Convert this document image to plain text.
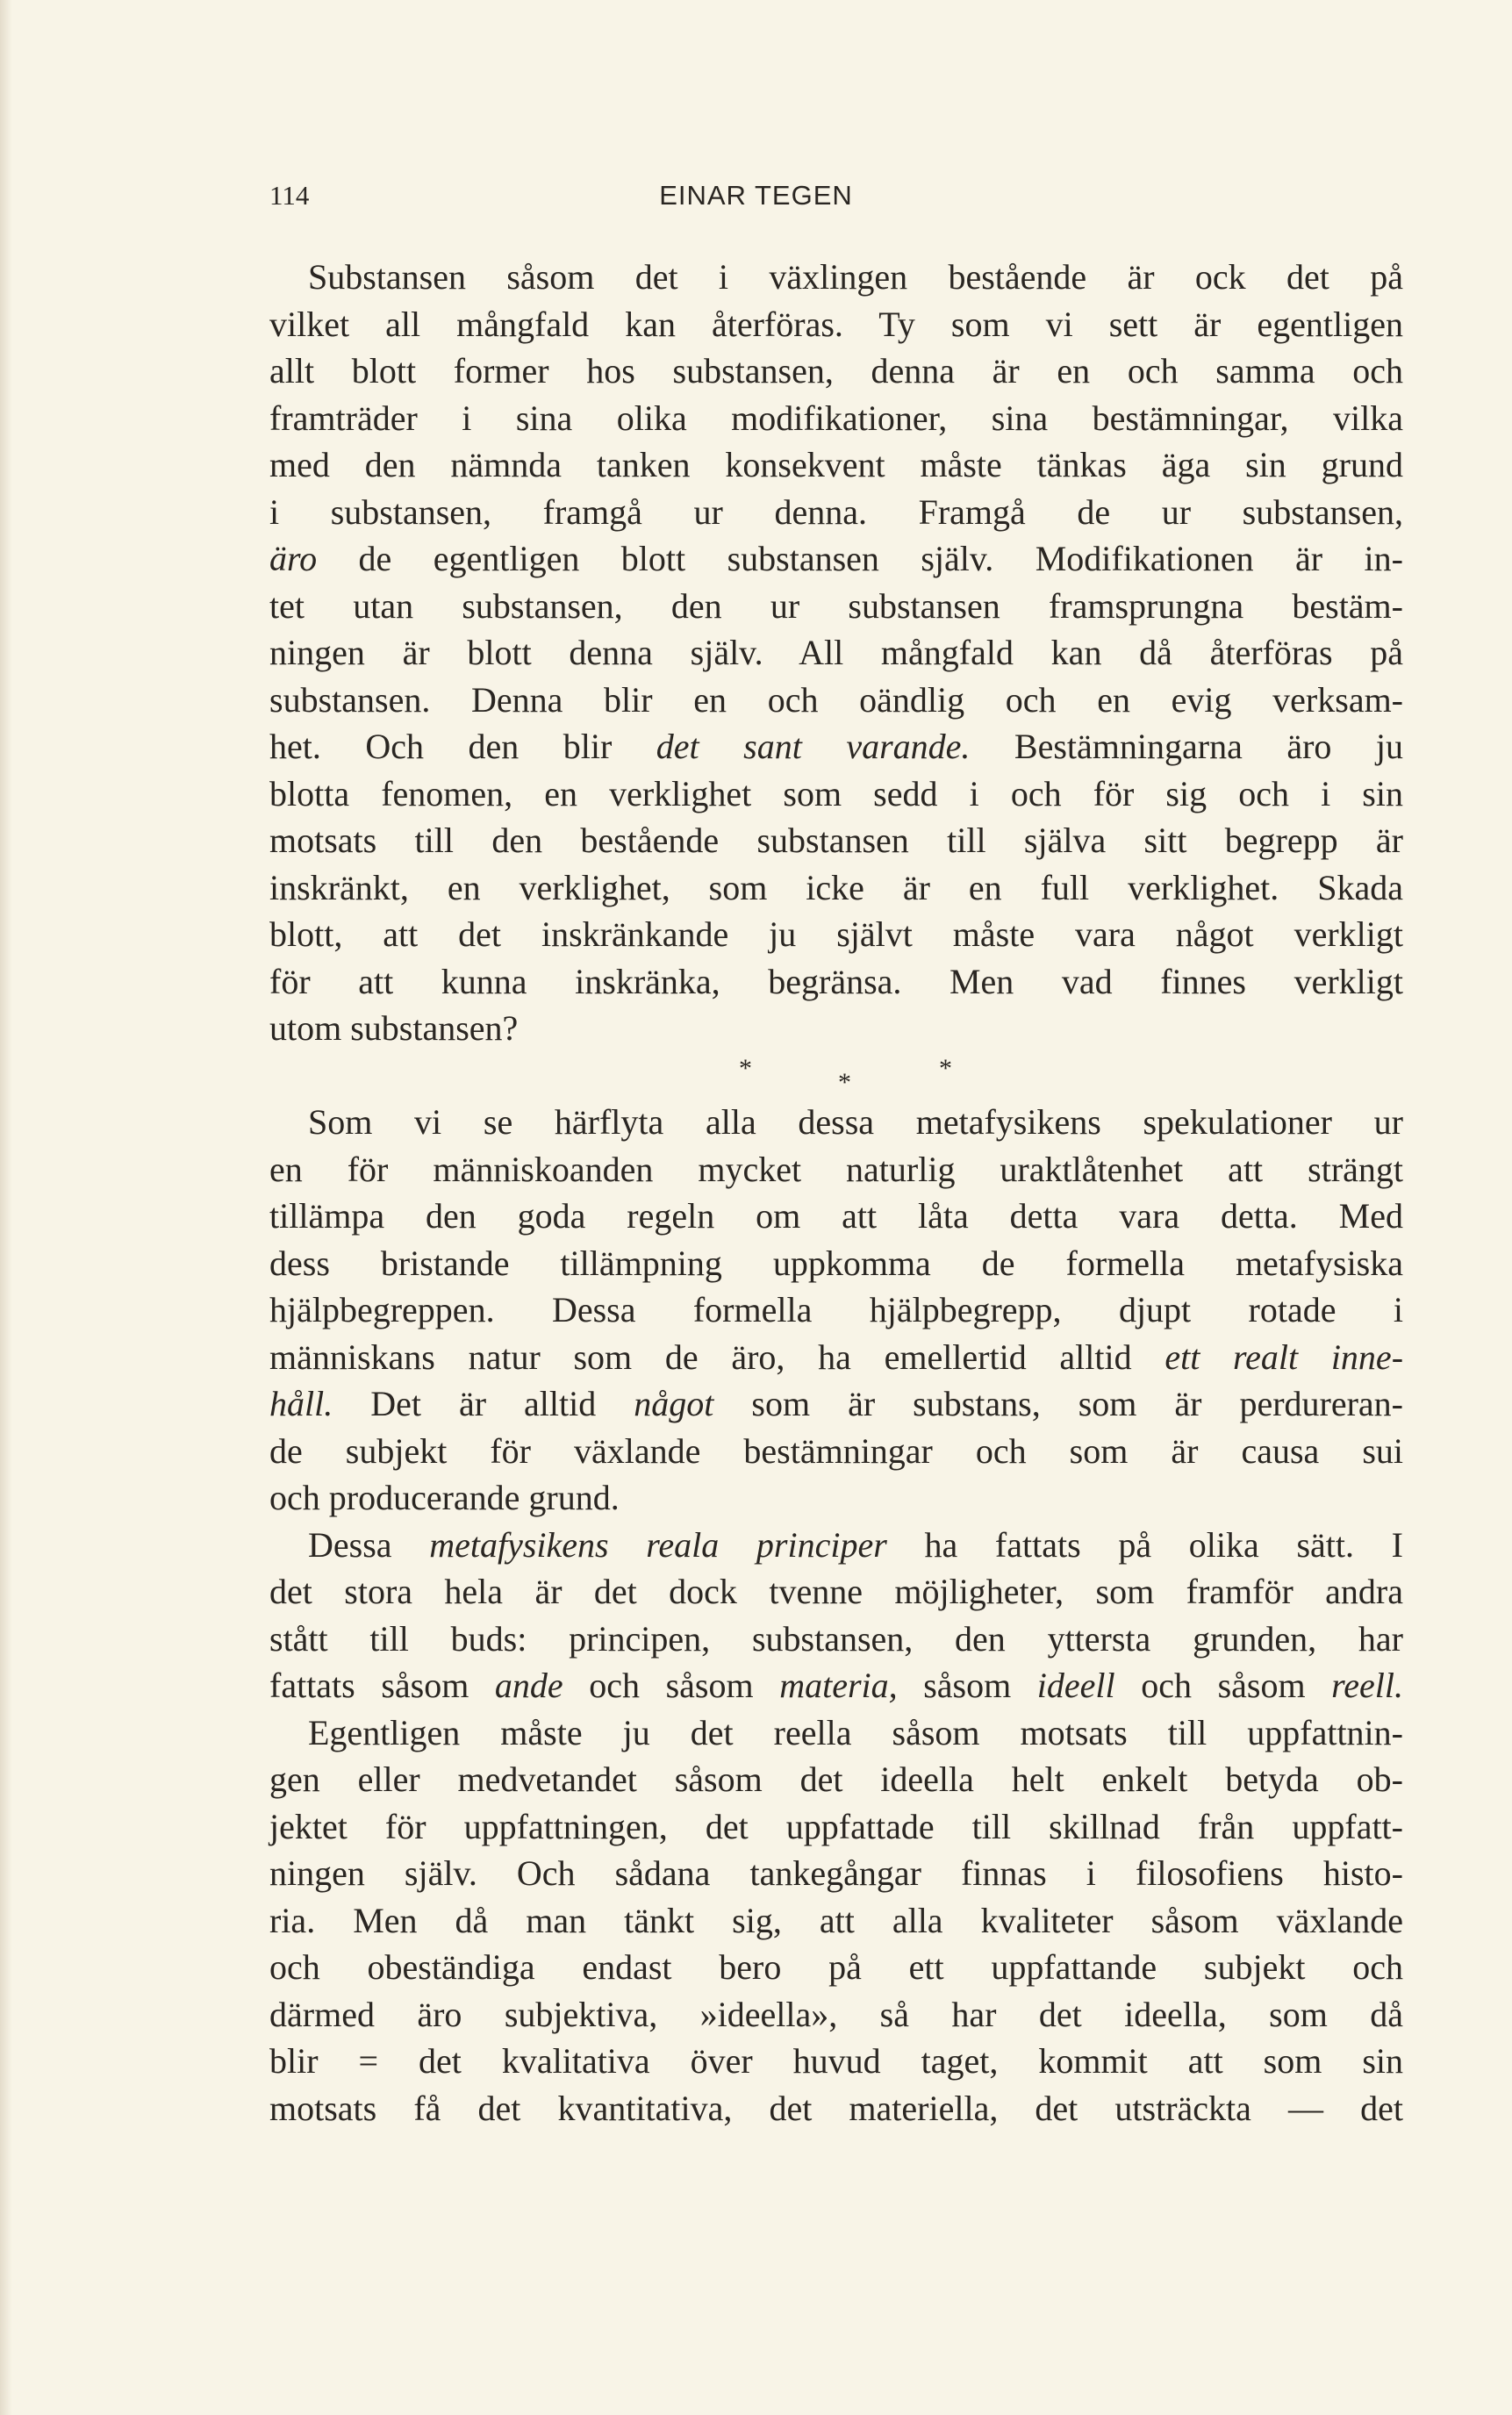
114	EINAR TEGEN
Substansen såsom det i växlingen bestående är ock det på
vilket all mångfald kan återföras. Ty som vi sett är egentligen
allt blott former hos substansen, denna är en och samma och
framträder i sina olika modifikationer, sina bestämningar, vilka
med den nämnda tanken konsekvent måste tänkas äga sin grund
i substansen, framgå ur denna. Framgå de ur substansen,
äro de egentligen blott substansen själv. Modifikationen är in-
tet utan substansen, den ur substansen framsprungna bestäm-
ningen är blott denna själv. All mångfald kan då återföras på
substansen. Denna blir en och oändlig och en evig verksam-
het. Och den blir det sant varande. Bestämningarna äro ju
blotta fenomen, en verklighet som sedd i och för sig och i sin
motsats till den bestående substansen till själva sitt begrepp är
inskränkt, en verklighet, som icke är en full verklighet. Skada
blott, att det inskränkande ju självt måste vara något verkligt
för att kunna inskränka, begränsa. Men vad finnes verkligt
utom substansen?
*	*	*
Som vi se härflyta alla dessa metafysikens spekulationer ur
en för människoanden mycket naturlig uraktlåtenhet att strängt
tillämpa den goda regeln om att låta detta vara detta. Med
dess bristande tillämpning uppkomma de formella metafysiska
hjälpbegreppen. Dessa formella hjälpbegrepp, djupt rotade i
människans natur som de äro, ha emellertid alltid ett realt inne-
håll. Det är alltid något som är substans, som är perdureran-
de subjekt för växlande bestämningar och som är causa sui
och producerande grund.
Dessa metafysikens reala principer ha fattats på olika sätt. I
det stora hela är det dock tvenne möjligheter, som framför andra
stått till buds: principen, substansen, den yttersta grunden, har
fattats såsom ande och såsom materia, såsom ideell och såsom reell.
Egentligen måste ju det reella såsom motsats till uppfattnin-
gen eller medvetandet såsom det ideella helt enkelt betyda ob-
jektet för uppfattningen, det uppfattade till skillnad från uppfatt-
ningen själv. Och sådana tankegångar finnas i filosofiens histo-
ria. Men då man tänkt sig, att alla kvaliteter såsom växlande
och obeständiga endast bero på ett uppfattande subjekt och
därmed äro subjektiva, »ideella», så har det ideella, som då
blir = det kvalitativa över huvud taget, kommit att som sin
motsats få det kvantitativa, det materiella, det utsträckta — det
